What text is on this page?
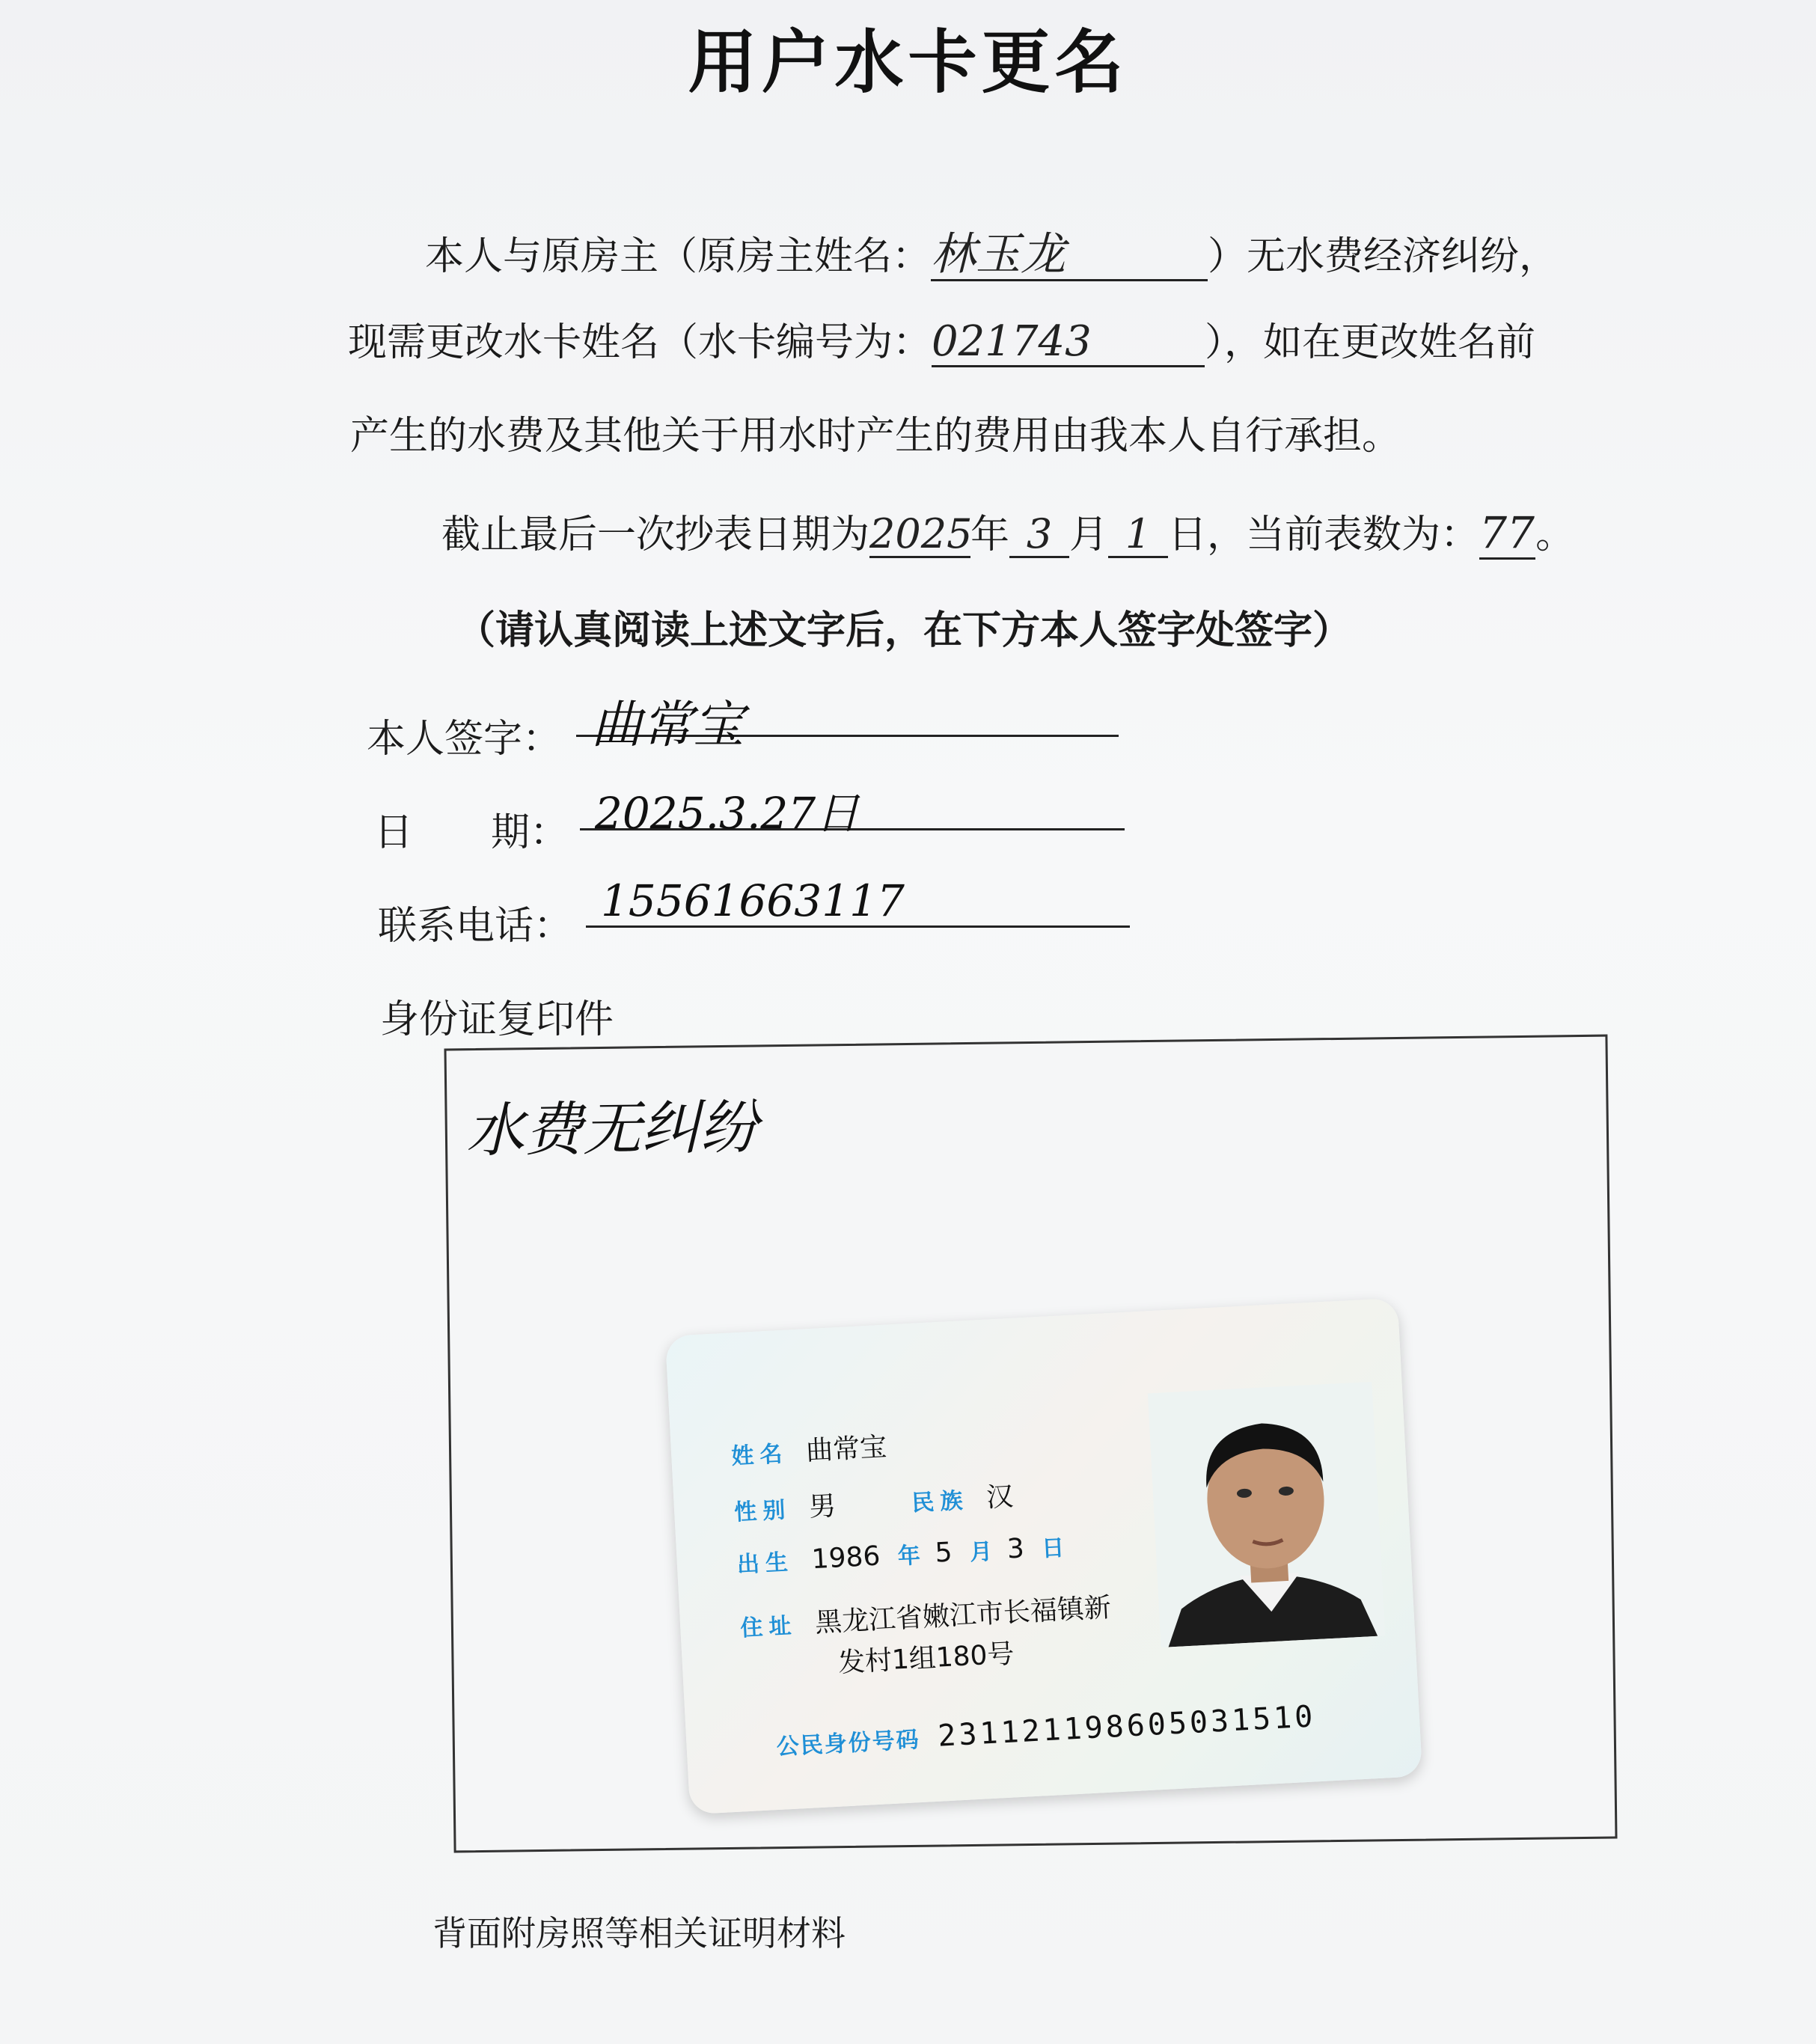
用户水卡更名
本人与原房主（原房主姓名：林玉龙	）无水费经济纠纷，
现需更改水卡姓名（水卡编号为：021743	），如在更改姓名前
产生的水费及其他关于用水时产生的费用由我本人自行承担。
截止最后一次抄表日期为2025年 3 月 1 日，当前表数为：77。
（请认真阅读上述文字后，在下方本人签字处签字）
本人签字： 曲常宝
日　　期： 2025.3.27日
联系电话： 15561663117
身份证复印件
水费无纠纷
姓名 曲常宝
性别 男	民族 汉
出生 1986 年 5 月 3 日
住址 黑龙江省嫩江市长福镇新
发村1组180号
公民身份号码 231121198605031510
背面附房照等相关证明材料
